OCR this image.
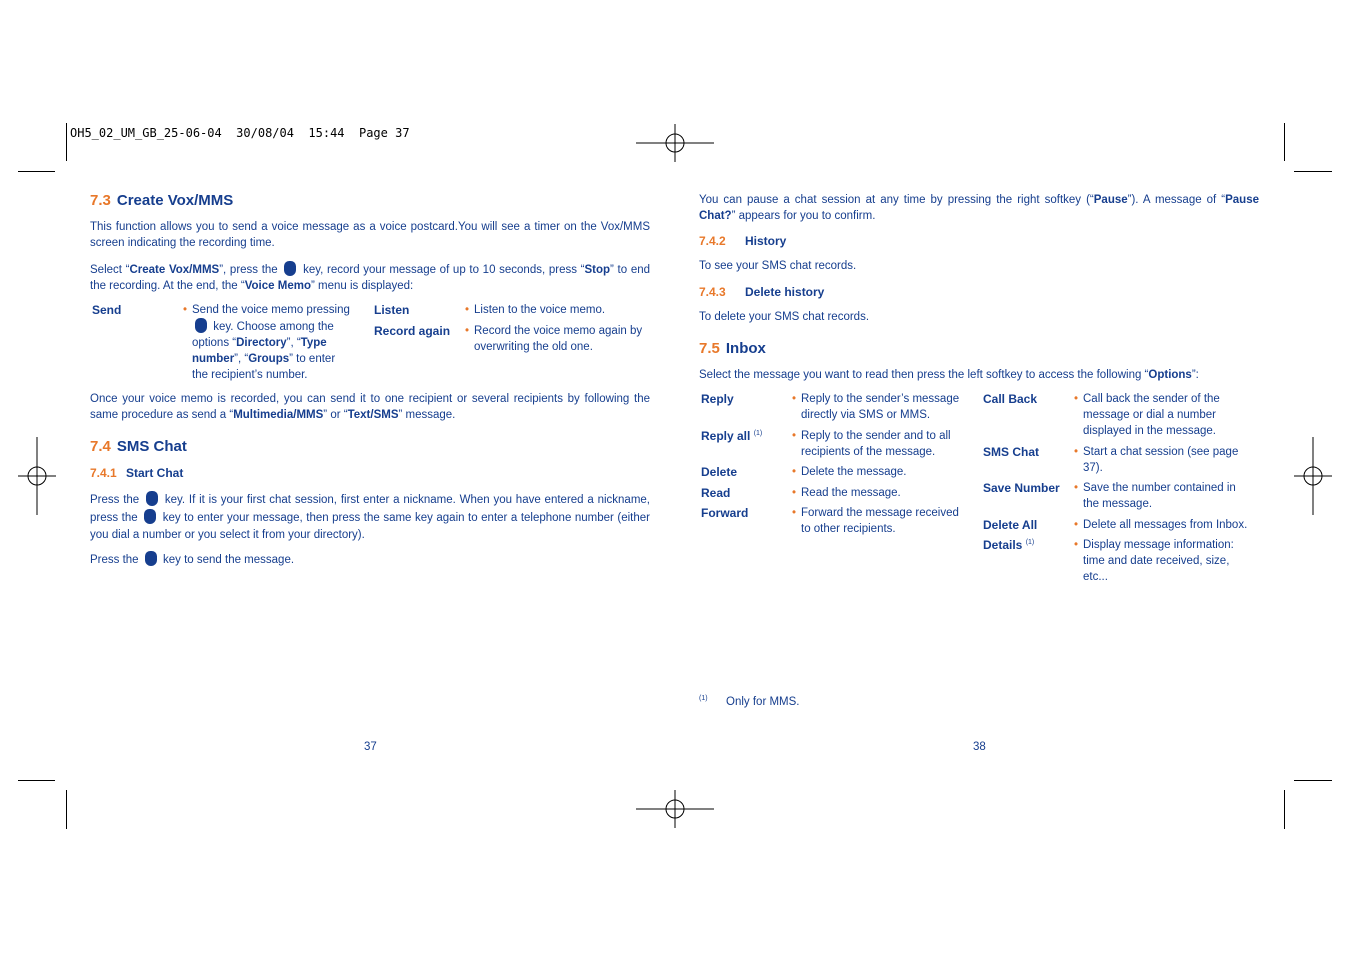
OH5_02_UM_GB_25-06-04  30/08/04  15:44  Page 37
7.3 Create Vox/MMS
This function allows you to send a voice message as a voice postcard.You will see a timer on the Vox/MMS screen indicating the recording time.
Select “Create Vox/MMS”, press the key, record your message of up to 10 seconds, press “Stop” to end the recording. At the end, the “Voice Memo” menu is displayed:
Send	• Send the voice memo pressing  key. Choose among the options “Directory”, “Type number”, “Groups” to enter the recipient’s number.
Listen	• Listen to the voice memo.
Record again • Record the voice memo again by overwriting the old one.
Once your voice memo is recorded, you can send it to one recipient or several recipients by following the same procedure as send a “Multimedia/MMS” or “Text/SMS” message.
7.4 SMS Chat
7.4.1 Start Chat
Press the key. If it is your first chat session, first enter a nickname. When you have entered a nickname, press the key to enter your message, then press the same key again to enter a telephone number (either you dial a number or you select it from your directory).
Press the key to send the message.
37
You can pause a chat session at any time by pressing the right softkey (“Pause”). A message of “Pause Chat?” appears for you to confirm.
7.4.2 History
To see your SMS chat records.
7.4.3 Delete history
To delete your SMS chat records.
7.5 Inbox
Select the message you want to read then press the left softkey to access the following “Options”:
Reply	• Reply to the sender’s message directly via SMS or MMS.
Reply all $^{(1)}$	• Reply to the sender and to all recipients of the message.
Delete	• Delete the message.
Read	• Read the message.
Forward	• Forward the message received to other recipients.
Call Back	• Call back the sender of the message or dial a number displayed in the message.
SMS Chat	• Start a chat session (see page 37).
Save Number • Save the number contained in the message.
Delete All	• Delete all messages from Inbox.
Details $^{(1)}$	• Display message information: time and date received, size, etc...
$^{(1)}$ Only for MMS.
38
